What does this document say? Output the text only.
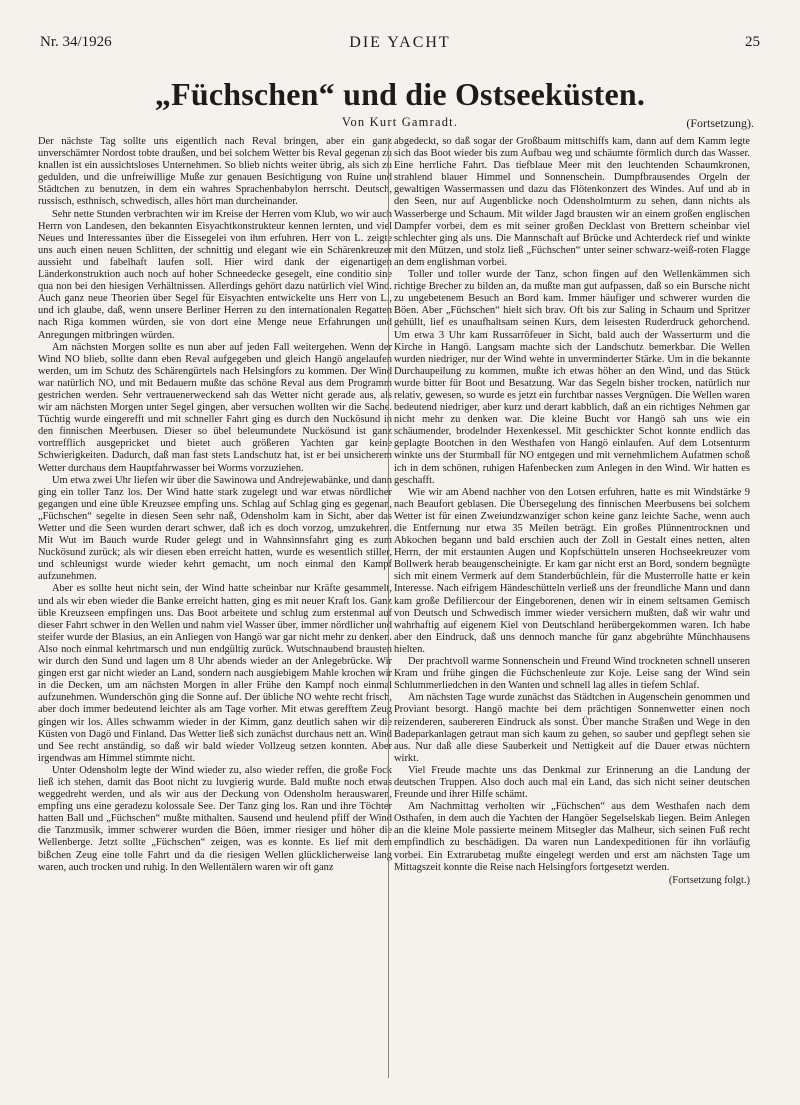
Nr. 34/1926	DIE YACHT	25
„Füchschen“ und die Ostseeküsten.
Von Kurt Gamradt.	(Fortsetzung).

Der nächste Tag sollte uns eigentlich nach Reval bringen, aber ein ganz unverschämter Nordost tobte draußen, und bei solchem Wetter bis Reval gegenan zu knallen ist ein aussichtsloses Unternehmen. So blieb nichts weiter übrig, als sich zu gedulden, und die unfreiwillige Muße zur genauen Besichtigung von Ruine und Städtchen zu benutzen, in dem ein wahres Sprachenbabylon herrscht. Deutsch, russisch, esthnisch, schwedisch, alles hört man durcheinander.

Sehr nette Stunden verbrachten wir im Kreise der Herren vom Klub, wo wir auch Herrn von Landesen, den bekannten Eisyachtkonstrukteur kennen lernten, und viel Neues und Interessantes über die Eissegelei von ihm erfuhren. Herr von L. zeigte uns auch einen neuen Schlitten, der schnittig und elegant wie ein Schärenkreuzer aussieht und fabelhaft laufen soll. Hier wird dank der eigenartigen Länderkonstruktion auch noch auf hoher Schneedecke gesegelt, eine conditio sine qua non bei den hiesigen Verhältnissen. Allerdings gehört dazu natürlich viel Wind. Auch ganz neue Theorien über Segel für Eisyachten entwickelte uns Herr von L., und ich glaube, daß, wenn unsere Berliner Herren zu den internationalen Regatten nach Riga kommen würden, sie von dort eine Menge neue Erfahrungen und Anregungen mitbringen würden.

Am nächsten Morgen sollte es nun aber auf jeden Fall weitergehen. Wenn der Wind NO blieb, sollte dann eben Reval aufgegeben und gleich Hangö angelaufen werden, um im Schutz des Schärengürtels nach Helsingfors zu kommen. Der Wind war natürlich NO, und mit Bedauern mußte das schöne Reval aus dem Programm gestrichen werden. Sehr vertrauenerweckend sah das Wetter nicht gerade aus, als wir am nächsten Morgen unter Segel gingen, aber versuchen wollten wir die Sache. Tüchtig wurde eingerefft und mit schneller Fahrt ging es durch den Nuckösund in den finnischen Meerbusen. Dieser so übel beleumundete Nuckösund ist ganz vortrefflich ausgepricket und bietet auch größeren Yachten gar keine Schwierigkeiten. Dadurch, daß man fast stets Landschutz hat, ist er bei unsicherem Wetter durchaus dem Hauptfahrwasser bei Worms vorzuziehen.

Um etwa zwei Uhr liefen wir über die Sawinowa und Andrejewabänke, und dann ging ein toller Tanz los. Der Wind hatte stark zugelegt und war etwas nördlicher gegangen und eine üble Kreuzsee empfing uns. Schlag auf Schlag ging es gegenan, „Füchschen“ segelte in diesen Seen sehr naß, Odensholm kam in Sicht, aber das Wetter und die Seen wurden derart schwer, daß ich es doch vorzog, umzukehren. Mit Wut im Bauch wurde Ruder gelegt und in Wahnsinnsfahrt ging es zum Nuckösund zurück; als wir diesen eben erreicht hatten, wurde es wesentlich stiller, und schleunigst wurde wieder kehrt gemacht, um noch einmal den Kampf aufzunehmen.

Aber es sollte heut nicht sein, der Wind hatte scheinbar nur Kräfte gesammelt, und als wir eben wieder die Banke erreicht hatten, ging es mit neuer Kraft los. Ganz üble Kreuzseen empfingen uns. Das Boot arbeitete und schlug zum erstenmal auf dieser Fahrt schwer in den Wellen und nahm viel Wasser über, immer nördlicher und steifer wurde der Blasius, an ein Anliegen von Hangö war gar nicht mehr zu denken. Also noch einmal kehrtmarsch und nun endgültig zurück. Wutschnaubend brausten wir durch den Sund und lagen um 8 Uhr abends wieder an der Anlegebrücke. Wir gingen erst gar nicht wieder an Land, sondern nach ausgiebigem Mahle krochen wir in die Decken, um am nächsten Morgen in aller Frühe den Kampf noch einmal aufzunehmen. Wunderschön ging die Sonne auf. Der übliche NO wehte recht frisch, aber doch immer bedeutend leichter als am Tage vorher. Mit etwas gerefftem Zeug gingen wir los. Alles schwamm wieder in der Kimm, ganz deutlich sahen wir die Küsten von Dagö und Finland. Das Wetter ließ sich zunächst durchaus nett an. Wind und See recht anständig, so daß wir bald wieder Vollzeug setzen konnten. Aber irgendwas am Himmel stimmte nicht.

Unter Odensholm legte der Wind wieder zu, also wieder reffen, die große Fock ließ ich stehen, damit das Boot nicht zu luvgierig wurde. Bald mußte noch etwas weggedreht werden, und als wir aus der Deckung von Odensholm herauswaren, empfing uns eine geradezu kolossale See. Der Tanz ging los. Ran und ihre Töchter hatten Ball und „Füchschen“ mußte mithalten. Sausend und heulend pfiff der Wind die Tanzmusik, immer schwerer wurden die Böen, immer riesiger und höher die Wellenberge. Jetzt sollte „Füchschen“ zeigen, was es konnte. Es lief mit dem bißchen Zeug eine tolle Fahrt und da die riesigen Wellen glücklicherweise lang waren, auch trocken und ruhig. In den Wellentälern waren wir oft ganz

abgedeckt, so daß sogar der Großbaum mittschiffs kam, dann auf dem Kamm legte sich das Boot wieder bis zum Aufbau weg und schäumte förmlich durch das Wasser. Eine herrliche Fahrt. Das tiefblaue Meer mit den leuchtenden Schaumkronen, strahlend blauer Himmel und Sonnenschein. Dumpfbrausendes Orgeln der gewaltigen Wassermassen und dazu das Flötenkonzert des Windes. Auf und ab in den Seen, nur auf Augenblicke noch Odensholmturm zu sehen, dann nichts als Wasserberge und Schaum. Mit wilder Jagd brausten wir an einem großen englischen Dampfer vorbei, dem es mit seiner großen Decklast von Brettern scheinbar viel schlechter ging als uns. Die Mannschaft auf Brücke und Achterdeck rief und winkte mit den Mützen, und stolz ließ „Füchschen“ unter seiner schwarz-weiß-roten Flagge an dem englishman vorbei.

Toller und toller wurde der Tanz, schon fingen auf den Wellenkämmen sich richtige Brecher zu bilden an, da mußte man gut aufpassen, daß so ein Bursche nicht zu ungebetenem Besuch an Bord kam. Immer häufiger und schwerer wurden die Böen. Aber „Füchschen“ hielt sich brav. Oft bis zur Saling in Schaum und Spritzer gehüllt, lief es unaufhaltsam seinen Kurs, dem leisesten Ruderdruck gehorchend. Um etwa 3 Uhr kam Russarröfeuer in Sicht, bald auch der Wasserturm und die Kirche in Hangö. Langsam machte sich der Landschutz bemerkbar. Die Wellen wurden niedriger, nur der Wind wehte in unverminderter Stärke. Um in die bekannte Durchaupeilung zu kommen, mußte ich etwas höher an den Wind, und das Stück wurde bitter für Boot und Besatzung. War das Segeln bisher trocken, natürlich nur relativ, gewesen, so wurde es jetzt ein furchtbar nasses Vergnügen. Die Wellen waren bedeutend niedriger, aber kurz und derart kabblich, daß an ein richtiges Nehmen gar nicht mehr zu denken war. Die kleine Bucht vor Hangö sah uns wie ein schäumender, brodelnder Hexenkessel. Mit geschickter Schot konnte endlich das geplagte Bootchen in den Westhafen von Hangö einlaufen. Auf dem Lotsenturm winkte uns der Sturmball für NO entgegen und mit vernehmlichem Aufatmen schoß ich in dem schönen, ruhigen Hafenbecken zum Anlegen in den Wind. Wir hatten es geschafft.

Wie wir am Abend nachher von den Lotsen erfuhren, hatte es mit Windstärke 9 nach Beaufort geblasen. Die Übersegelung des finnischen Meerbusens bei solchem Wetter ist für einen Zweiundzwanziger schon keine ganz leichte Sache, wenn auch die Entfernung nur etwa 35 Meilen beträgt. Ein großes Plünnentrocknen und Abkochen begann und bald erschien auch der Zoll in Gestalt eines netten, alten Herrn, der mit erstaunten Augen und Kopfschütteln unseren Hochseekreuzer vom Bollwerk herab beaugenscheinigte. Er kam gar nicht erst an Bord, sondern begnügte sich mit einem Vermerk auf dem Standerbüchlein, für die Musterrolle hatte er kein Interesse. Nach eifrigem Händeschütteln verließ uns der freundliche Mann und dann kam große Defiliercour der Eingeborenen, denen wir in einem seltsamen Gemisch von Deutsch und Schwedisch immer wieder versichern mußten, daß wir wahr und wahrhaftig auf eigenem Kiel von Deutschland herübergekommen waren. Ich habe aber den Eindruck, daß uns dennoch manche für ganz abgebrühte Münchhausens hielten.

Der prachtvoll warme Sonnenschein und Freund Wind trockneten schnell unseren Kram und frühe gingen die Füchschenleute zur Koje. Leise sang der Wind sein Schlummerliedchen in den Wanten und schnell lag alles in tiefem Schlaf.

Am nächsten Tage wurde zunächst das Städtchen in Augenschein genommen und Proviant besorgt. Hangö machte bei dem prächtigen Sonnenwetter einen noch reizenderen, saubereren Eindruck als sonst. Über manche Straßen und Wege in den Badeparkanlagen getraut man sich kaum zu gehen, so sauber und gepflegt sehen sie aus. Nur daß alle diese Sauberkeit und Nettigkeit auf die Dauer etwas nüchtern wirkt.

Viel Freude machte uns das Denkmal zur Erinnerung an die Landung der deutschen Truppen. Also doch auch mal ein Land, das sich nicht seiner deutschen Freunde und ihrer Hilfe schämt.

Am Nachmittag verholten wir „Füchschen“ aus dem Westhafen nach dem Osthafen, in dem auch die Yachten der Hangöer Segelselskab liegen. Beim Anlegen an die kleine Mole passierte meinem Mitsegler das Malheur, sich seinen Fuß recht empfindlich zu beschädigen. Da waren nun Landexpeditionen für ihn vorläufig vorbei. Ein Extrarubetag mußte eingelegt werden und erst am nächsten Tage um Mittagszeit konnte die Reise nach Helsingfors fortgesetzt werden.

(Fortsetzung folgt.)
